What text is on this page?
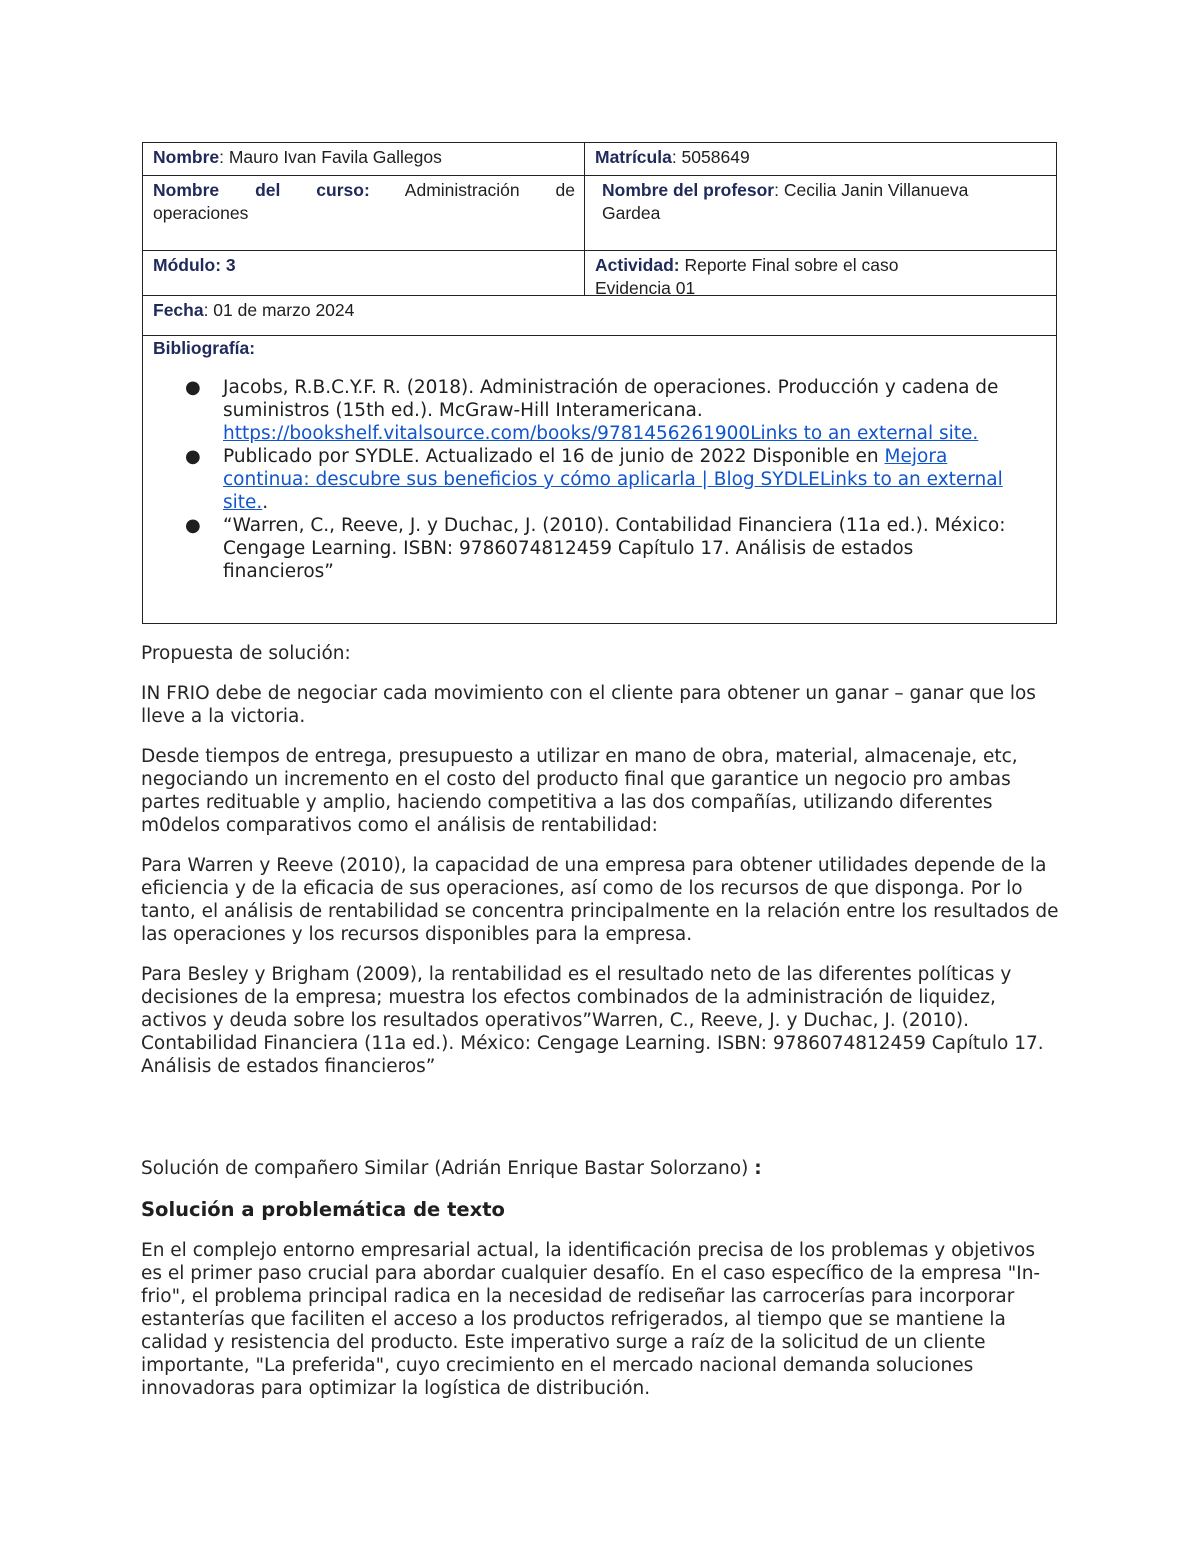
Nombre: Mauro Ivan Favila Gallegos	Matrícula: 5058649
Nombre del curso: Administración de
operaciones
Nombre del profesor: Cecilia Janin Villanueva
Gardea
Módulo: 3	Actividad: Reporte Final sobre el caso
Evidencia 01
Fecha: 01 de marzo 2024
Bibliografía:
● Jacobs, R.B.C.Y.F. R. (2018). Administración de operaciones. Producción y cadena de suministros (15th ed.). McGraw-Hill Interamericana. https://bookshelf.vitalsource.com/books/9781456261900Links to an external site.
● Publicado por SYDLE. Actualizado el 16 de junio de 2022 Disponible en Mejora continua: descubre sus beneficios y cómo aplicarla | Blog SYDLELinks to an external site..
● “Warren, C., Reeve, J. y Duchac, J. (2010). Contabilidad Financiera (11a ed.). México: Cengage Learning. ISBN: 9786074812459 Capítulo 17. Análisis de estados financieros”

Propuesta de solución:

IN FRIO debe de negociar cada movimiento con el cliente para obtener un ganar – ganar que los lleve a la victoria.

Desde tiempos de entrega, presupuesto a utilizar en mano de obra, material, almacenaje, etc, negociando un incremento en el costo del producto final que garantice un negocio pro ambas partes redituable y amplio, haciendo competitiva a las dos compañías, utilizando diferentes m0delos comparativos como el análisis de rentabilidad:

Para Warren y Reeve (2010), la capacidad de una empresa para obtener utilidades depende de la eficiencia y de la eficacia de sus operaciones, así como de los recursos de que disponga. Por lo tanto, el análisis de rentabilidad se concentra principalmente en la relación entre los resultados de las operaciones y los recursos disponibles para la empresa.

Para Besley y Brigham (2009), la rentabilidad es el resultado neto de las diferentes políticas y decisiones de la empresa; muestra los efectos combinados de la administración de liquidez, activos y deuda sobre los resultados operativos”Warren, C., Reeve, J. y Duchac, J. (2010). Contabilidad Financiera (11a ed.). México: Cengage Learning. ISBN: 9786074812459 Capítulo 17. Análisis de estados financieros”

Solución de compañero Similar (Adrián Enrique Bastar Solorzano) :

Solución a problemática de texto

En el complejo entorno empresarial actual, la identificación precisa de los problemas y objetivos es el primer paso crucial para abordar cualquier desafío. En el caso específico de la empresa "In-frio", el problema principal radica en la necesidad de rediseñar las carrocerías para incorporar estanterías que faciliten el acceso a los productos refrigerados, al tiempo que se mantiene la calidad y resistencia del producto. Este imperativo surge a raíz de la solicitud de un cliente importante, "La preferida", cuyo crecimiento en el mercado nacional demanda soluciones innovadoras para optimizar la logística de distribución.
